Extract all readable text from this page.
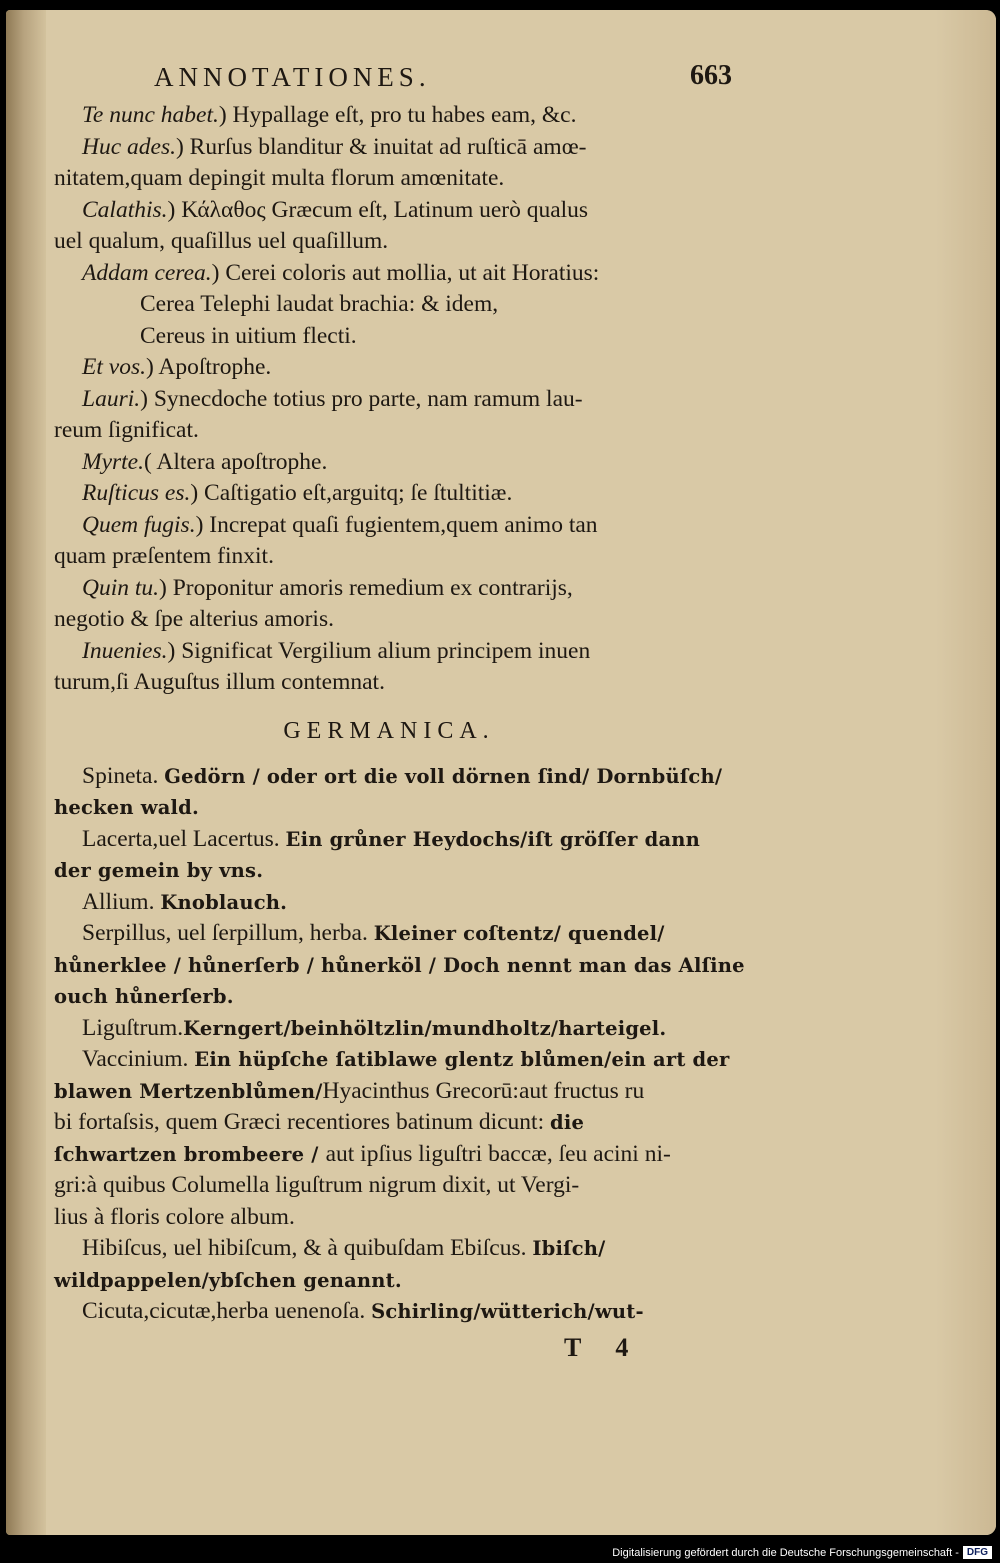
ANNOTATIONES.	663
Te nunc habet.) Hypallage eſt, pro tu habes eam, &c.
Huc ades.) Rurſus blanditur & inuitat ad ruſticā amœ-
nitatem,quam depingit multa florum amœnitate.
Calathis.) Κάλαθος Græcum eſt, Latinum uerò qualus
uel qualum, quaſillus uel quaſillum.
Addam cerea.) Cerei coloris aut mollia, ut ait Horatius:
Cerea Telephi laudat brachia: & idem,
Cereus in uitium flecti.
Et vos.) Apoſtrophe.
Lauri.) Synecdoche totius pro parte, nam ramum lau-
reum ſignificat.
Myrte.( Altera apoſtrophe.
Ruſticus es.) Caſtigatio eſt,arguitq; ſe ſtultitiæ.
Quem fugis.) Increpat quaſi fugientem,quem animo tan
quam præſentem finxit.
Quin tu.) Proponitur amoris remedium ex contrarijs,
negotio & ſpe alterius amoris.
Inuenies.) Significat Vergilium alium principem inuen
turum,ſi Auguſtus illum contemnat.
GERMANICA.
Spineta. Gedörn / oder ort die voll dörnen ſind/ Dornbüſch/
hecken wald.
Lacerta,uel Lacertus. Ein grůner Heydochs/iſt gröſſer dann
der gemein by vns.
Allium. Knoblauch.
Serpillus, uel ſerpillum, herba. Kleiner coſtentz/ quendel/
hůnerklee / hůnerſerb / hůnerköl / Doch nennt man das Alſine
ouch hůnerſerb.
Liguſtrum.Kerngert/beinhöltzlin/mundholtz/harteigel.
Vaccinium. Ein hüpſche ſatiblawe glentz blůmen/ein art der
blawen Mertzenblůmen/Hyacinthus Grecorū:aut fructus ru
bi fortaſsis, quem Græci recentiores batinum dicunt: die
ſchwartzen brombeere / aut ipſius liguſtri baccæ, ſeu acini ni-
gri:à quibus Columella liguſtrum nigrum dixit, ut Vergi-
lius à floris colore album.
Hibiſcus, uel hibiſcum, & à quibuſdam Ebiſcus. Ibiſch/
wildpappelen/ybſchen genannt.
Cicuta,cicutæ,herba uenenoſa. Schirling/wütterich/wut-
T 4
Digitalisierung gefördert durch die Deutsche Forschungsgemeinschaft - DFG
